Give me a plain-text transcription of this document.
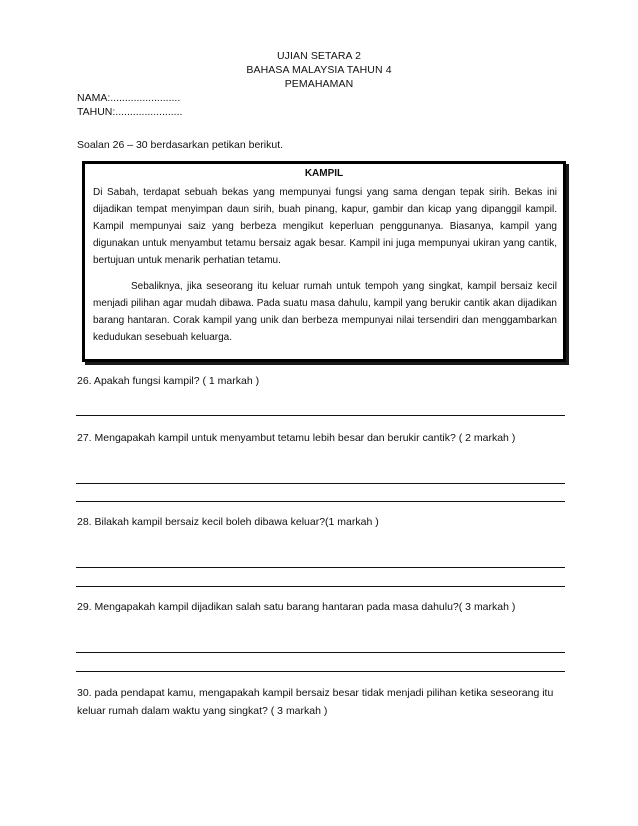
UJIAN SETARA 2
BAHASA MALAYSIA TAHUN 4
PEMAHAMAN
NAMA:........................
TAHUN:.......................
Soalan 26 – 30 berdasarkan petikan berikut.
KAMPIL

Di Sabah, terdapat sebuah bekas yang mempunyai fungsi yang sama dengan tepak sirih. Bekas ini dijadikan tempat menyimpan daun sirih, buah pinang, kapur, gambir dan kicap yang dipanggil kampil. Kampil mempunyai saiz yang berbeza mengikut keperluan penggunanya. Biasanya, kampil yang digunakan untuk menyambut tetamu bersaiz agak besar. Kampil ini juga mempunyai ukiran yang cantik, bertujuan untuk menarik perhatian tetamu.

Sebaliknya, jika seseorang itu keluar rumah untuk tempoh yang singkat, kampil bersaiz kecil menjadi pilihan agar mudah dibawa. Pada suatu masa dahulu, kampil yang berukir cantik akan dijadikan barang hantaran. Corak kampil yang unik dan berbeza mempunyai nilai tersendiri dan menggambarkan kedudukan sesebuah keluarga.

26. Apakah fungsi kampil? ( 1 markah )
27. Mengapakah kampil untuk menyambut tetamu lebih besar dan berukir cantik? ( 2 markah )
28. Bilakah kampil bersaiz kecil boleh dibawa keluar?(1 markah )
29. Mengapakah kampil dijadikan salah satu barang hantaran pada masa dahulu?( 3 markah )
30. pada pendapat kamu, mengapakah kampil bersaiz besar tidak menjadi pilihan ketika seseorang itu keluar rumah dalam waktu yang singkat? ( 3 markah )
